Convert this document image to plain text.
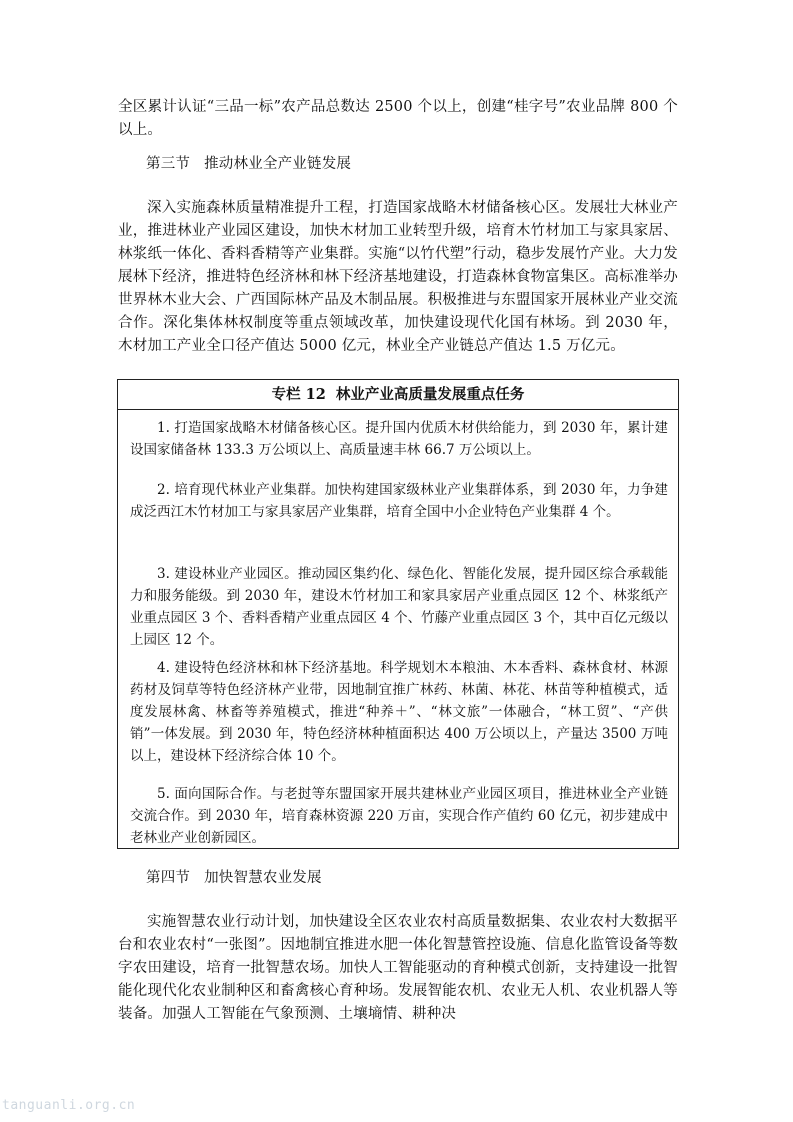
全区累计认证“三品一标”农产品总数达 2500 个以上，创建“桂字号”农业品牌 800 个以上。

第三节 推动林业全产业链发展

深入实施森林质量精准提升工程，打造国家战略木材储备核心区。发展壮大林业产业，推进林业产业园区建设，加快木材加工业转型升级，培育木竹材加工与家具家居、林浆纸一体化、香料香精等产业集群。实施“以竹代塑”行动，稳步发展竹产业。大力发展林下经济，推进特色经济林和林下经济基地建设，打造森林食物富集区。高标准举办世界林木业大会、广西国际林产品及木制品展。积极推进与东盟国家开展林业产业交流合作。深化集体林权制度等重点领域改革，加快建设现代化国有林场。到 2030 年，木材加工产业全口径产值达 5000 亿元，林业全产业链总产值达 1.5 万亿元。

专栏 12 林业产业高质量发展重点任务

1. 打造国家战略木材储备核心区。提升国内优质木材供给能力，到 2030 年，累计建设国家储备林 133.3 万公顷以上、高质量速丰林 66.7 万公顷以上。

2. 培育现代林业产业集群。加快构建国家级林业产业集群体系，到 2030 年，力争建成泛西江木竹材加工与家具家居产业集群，培育全国中小企业特色产业集群 4 个。

3. 建设林业产业园区。推动园区集约化、绿色化、智能化发展，提升园区综合承载能力和服务能级。到 2030 年，建设木竹材加工和家具家居产业重点园区 12 个、林浆纸产业重点园区 3 个、香料香精产业重点园区 4 个、竹藤产业重点园区 3 个，其中百亿元级以上园区 12 个。

4. 建设特色经济林和林下经济基地。科学规划木本粮油、木本香料、森林食材、林源药材及饲草等特色经济林产业带，因地制宜推广林药、林菌、林花、林苗等种植模式，适度发展林禽、林畜等养殖模式，推进“种养＋”、“林文旅”一体融合，“林工贸”、“产供销”一体发展。到 2030 年，特色经济林种植面积达 400 万公顷以上，产量达 3500 万吨以上，建设林下经济综合体 10 个。

5. 面向国际合作。与老挝等东盟国家开展共建林业产业园区项目，推进林业全产业链交流合作。到 2030 年，培育森林资源 220 万亩，实现合作产值约 60 亿元，初步建成中老林业产业创新园区。

第四节 加快智慧农业发展

实施智慧农业行动计划，加快建设全区农业农村高质量数据集、农业农村大数据平台和农业农村“一张图”。因地制宜推进水肥一体化智慧管控设施、信息化监管设备等数字农田建设，培育一批智慧农场。加快人工智能驱动的育种模式创新，支持建设一批智能化现代化农业制种区和畜禽核心育种场。发展智能农机、农业无人机、农业机器人等装备。加强人工智能在气象预测、土壤墒情、耕种决

tanguanli.org.cn
